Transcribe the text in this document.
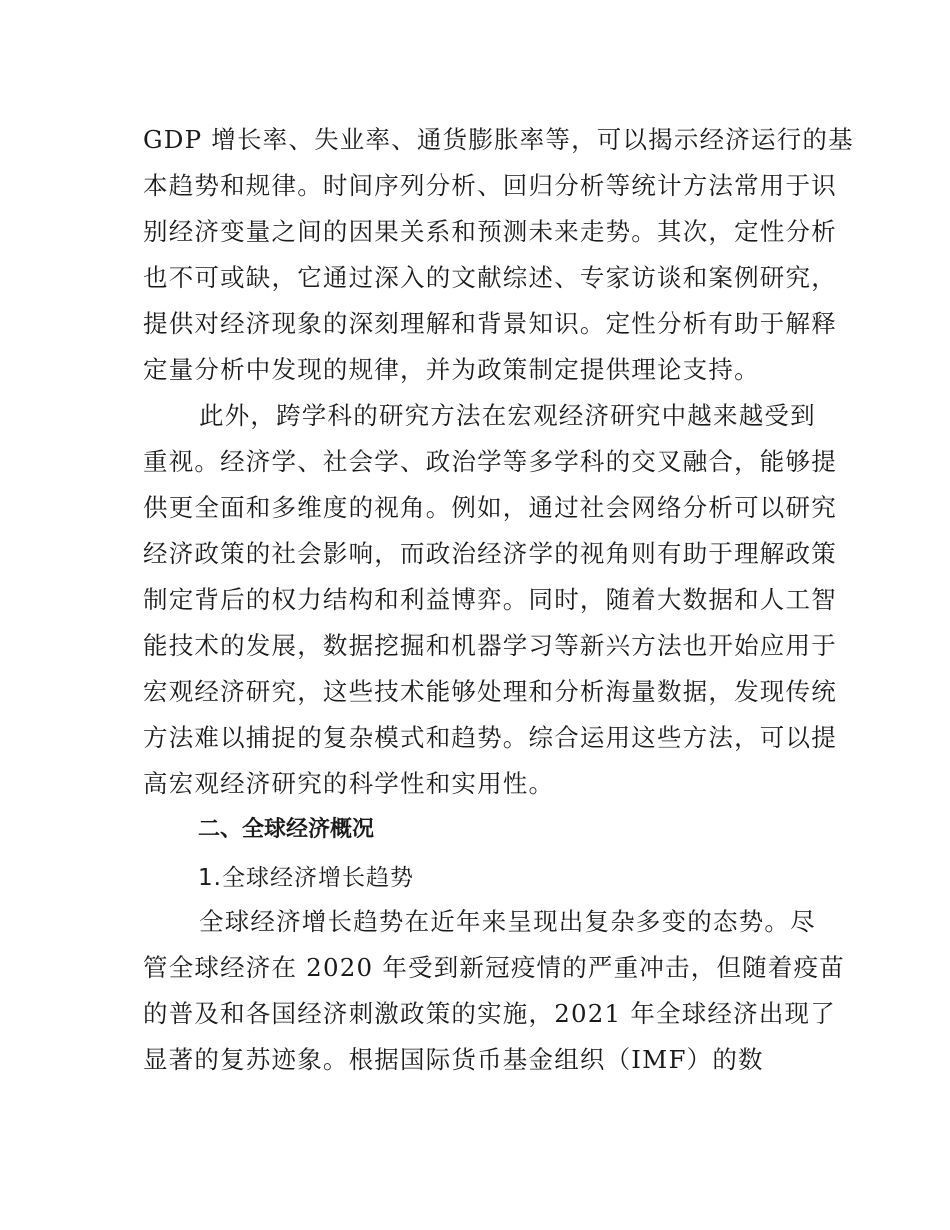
GDP 增长率、失业率、通货膨胀率等，可以揭示经济运行的基
本趋势和规律。时间序列分析、回归分析等统计方法常用于识
别经济变量之间的因果关系和预测未来走势。其次，定性分析
也不可或缺，它通过深入的文献综述、专家访谈和案例研究，
提供对经济现象的深刻理解和背景知识。定性分析有助于解释
定量分析中发现的规律，并为政策制定提供理论支持。
此外，跨学科的研究方法在宏观经济研究中越来越受到
重视。经济学、社会学、政治学等多学科的交叉融合，能够提
供更全面和多维度的视角。例如，通过社会网络分析可以研究
经济政策的社会影响，而政治经济学的视角则有助于理解政策
制定背后的权力结构和利益博弈。同时，随着大数据和人工智
能技术的发展，数据挖掘和机器学习等新兴方法也开始应用于
宏观经济研究，这些技术能够处理和分析海量数据，发现传统
方法难以捕捉的复杂模式和趋势。综合运用这些方法，可以提
高宏观经济研究的科学性和实用性。
二、全球经济概况
1.全球经济增长趋势
全球经济增长趋势在近年来呈现出复杂多变的态势。尽
管全球经济在 2020 年受到新冠疫情的严重冲击，但随着疫苗
的普及和各国经济刺激政策的实施，2021 年全球经济出现了
显著的复苏迹象。根据国际货币基金组织（IMF）的数
